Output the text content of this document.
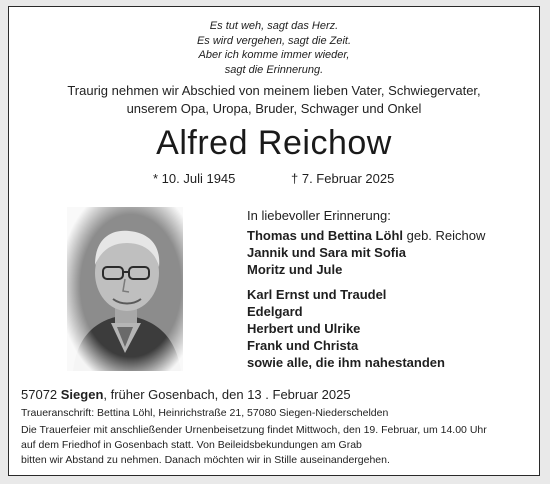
Es tut weh, sagt das Herz.
Es wird vergehen, sagt die Zeit.
Aber ich komme immer wieder,
sagt die Erinnerung.
Traurig nehmen wir Abschied von meinem lieben Vater, Schwiegervater,
unserem Opa, Uropa, Bruder, Schwager und Onkel
Alfred Reichow
* 10. Juli 1945	† 7. Februar 2025
In liebevoller Erinnerung:
Thomas und Bettina Löhl geb. Reichow
Jannik und Sara mit Sofia
Moritz und Jule
Karl Ernst und Traudel
Edelgard
Herbert und Ulrike
Frank und Christa
sowie alle, die ihm nahestanden
57072 Siegen, früher Gosenbach, den 13 . Februar 2025
Traueranschrift: Bettina Löhl, Heinrichstraße 21, 57080 Siegen-Niederschelden
Die Trauerfeier mit anschließender Urnenbeisetzung findet Mittwoch, den 19. Februar, um 14.00 Uhr
auf dem Friedhof in Gosenbach statt. Von Beileidsbekundungen am Grab
bitten wir Abstand zu nehmen. Danach möchten wir in Stille auseinandergehen.
